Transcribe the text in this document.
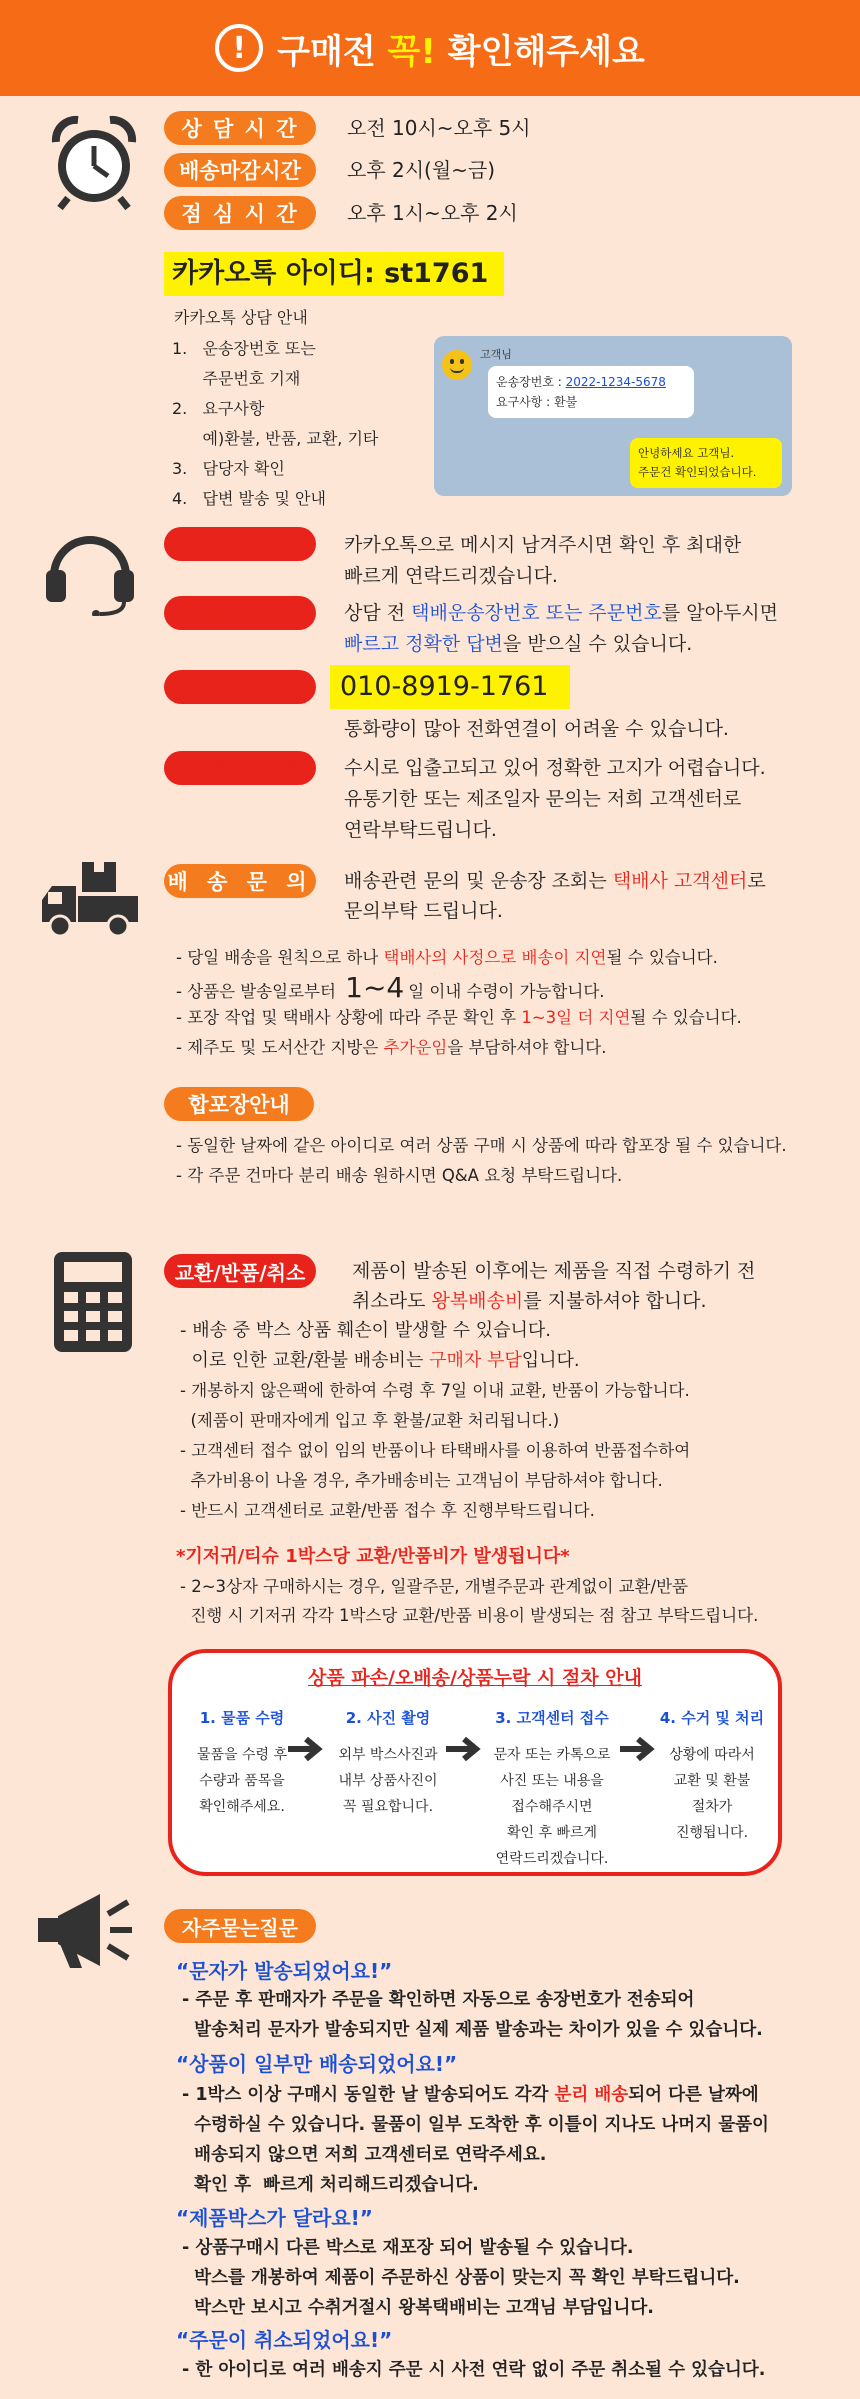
! 구매전 꼭! 확인해주세요
상 담 시 간	오전 10시~오후 5시
배송마감시간	오후 2시(월~금)
점 심 시 간	오후 1시~오후 2시
카카오톡 아이디: st1761
카카오톡 상담 안내
1.   운송장번호 또는
주문번호 기재
2.   요구사항
예)환불, 반품, 교환, 기타
3.   담당자 확인
4.   답변 발송 및 안내
고객님
운송장번호 : 2022-1234-5678
요구사항 : 환불
안녕하세요 고객님.
주문건 확인되었습니다.
카 카 오 톡 카카오톡으로 메시지 남겨주시면 확인 후 최대한
빠르게 연락드리겠습니다.
고 객 센 터 상담 전 택배운송장번호 또는 주문번호를 알아두시면
빠르고 정확한 답변을 받으실 수 있습니다.
상 담 전 화	010-8919-1761
통화량이 많아 전화연결이 어려울 수 있습니다.
유 통 기 한 수시로 입출고되고 있어 정확한 고지가 어렵습니다.
유통기한 또는 제조일자 문의는 저희 고객센터로
연락부탁드립니다.
배 송 문 의 배송관련 문의 및 운송장 조회는 택배사 고객센터로
문의부탁 드립니다.
- 당일 배송을 원칙으로 하나 택배사의 사정으로 배송이 지연될 수 있습니다.
- 상품은 발송일로부터 1~4 일 이내 수령이 가능합니다.
- 포장 작업 및 택배사 상황에 따라 주문 확인 후 1~3일 더 지연될 수 있습니다.
- 제주도 및 도서산간 지방은 추가운임을 부담하셔야 합니다.
합포장안내
- 동일한 날짜에 같은 아이디로 여러 상품 구매 시 상품에 따라 합포장 될 수 있습니다.
- 각 주문 건마다 분리 배송 원하시면 Q&A 요청 부탁드립니다.
교환/반품/취소	제품이 발송된 이후에는 제품을 직접 수령하기 전
취소라도 왕복배송비를 지불하셔야 합니다.
- 배송 중 박스 상품 훼손이 발생할 수 있습니다.
이로 인한 교환/환불 배송비는 구매자 부담입니다.
- 개봉하지 않은팩에 한하여 수령 후 7일 이내 교환, 반품이 가능합니다.
(제품이 판매자에게 입고 후 환불/교환 처리됩니다.)
- 고객센터 접수 없이 임의 반품이나 타택배사를 이용하여 반품접수하여
추가비용이 나올 경우, 추가배송비는 고객님이 부담하셔야 합니다.
- 반드시 고객센터로 교환/반품 접수 후 진행부탁드립니다.
*기저귀/티슈 1박스당 교환/반품비가 발생됩니다*
- 2~3상자 구매하시는 경우, 일괄주문, 개별주문과 관계없이 교환/반품
진행 시 기저귀 각각 1박스당 교환/반품 비용이 발생되는 점 참고 부탁드립니다.
상품 파손/오배송/상품누락 시 절차 안내
1. 물품 수령
물품을 수령 후
수량과 품목을
확인해주세요.
2. 사진 촬영
외부 박스사진과
내부 상품사진이
꼭 필요합니다.
3. 고객센터 접수
문자 또는 카톡으로
사진 또는 내용을
접수해주시면
확인 후 빠르게
연락드리겠습니다.
4. 수거 및 처리
상황에 따라서
교환 및 환불
절차가
진행됩니다.
자주묻는질문
“문자가 발송되었어요!”
- 주문 후 판매자가 주문을 확인하면 자동으로 송장번호가 전송되어
발송처리 문자가 발송되지만 실제 제품 발송과는 차이가 있을 수 있습니다.
“상품이 일부만 배송되었어요!”
- 1박스 이상 구매시 동일한 날 발송되어도 각각 분리 배송되어 다른 날짜에
수령하실 수 있습니다. 물품이 일부 도착한 후 이틀이 지나도 나머지 물품이
배송되지 않으면 저희 고객센터로 연락주세요.
확인 후  빠르게 처리해드리겠습니다.
“제품박스가 달라요!”
- 상품구매시 다른 박스로 재포장 되어 발송될 수 있습니다.
박스를 개봉하여 제품이 주문하신 상품이 맞는지 꼭 확인 부탁드립니다.
박스만 보시고 수취거절시 왕복택배비는 고객님 부담입니다.
“주문이 취소되었어요!”
- 한 아이디로 여러 배송지 주문 시 사전 연락 없이 주문 취소될 수 있습니다.
